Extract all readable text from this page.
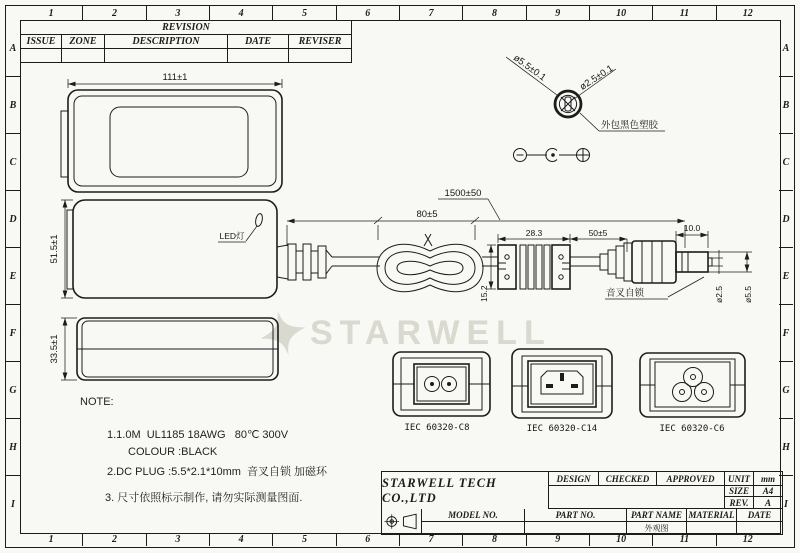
STARWELL
1	2	3	4	5	6	7	8	9	10	11	12
1	2	3	4	5	6	7	8	9	10	11	12
A
B
C
D
E
F
G
H
I
A
B
C
D
E
F
G
H
I
REVISION
ISSUE	ZONE	DESCRIPTION	DATE	REVISER
NOTE:
1.1.0M  UL1185 18AWG   80℃ 300V
COLOUR :BLACK
2.DC PLUG :5.5*2.1*10mm  音叉自锁 加磁环
3. 尺寸依照标示制作, 请勿实际测量图面.
STARWELL TECH CO.,LTD
DESIGN	CHECKED	APPROVED	UNIT	mm
SIZE	A4
REV.	A
MODEL NO.	PART NO.	PART NAME
外观图
MATERIAL	DATE
111±1
51.5±1	LED灯
33.5±1
1500±50
80±5
28.3	50±5
15.2
10.0
ø2.5 ø5.5
音叉自锁
ø5.5±0.1	ø2.5±0.1
外包黑色塑胶
IEC 60320-C8	IEC 60320-C14	IEC 60320-C6
